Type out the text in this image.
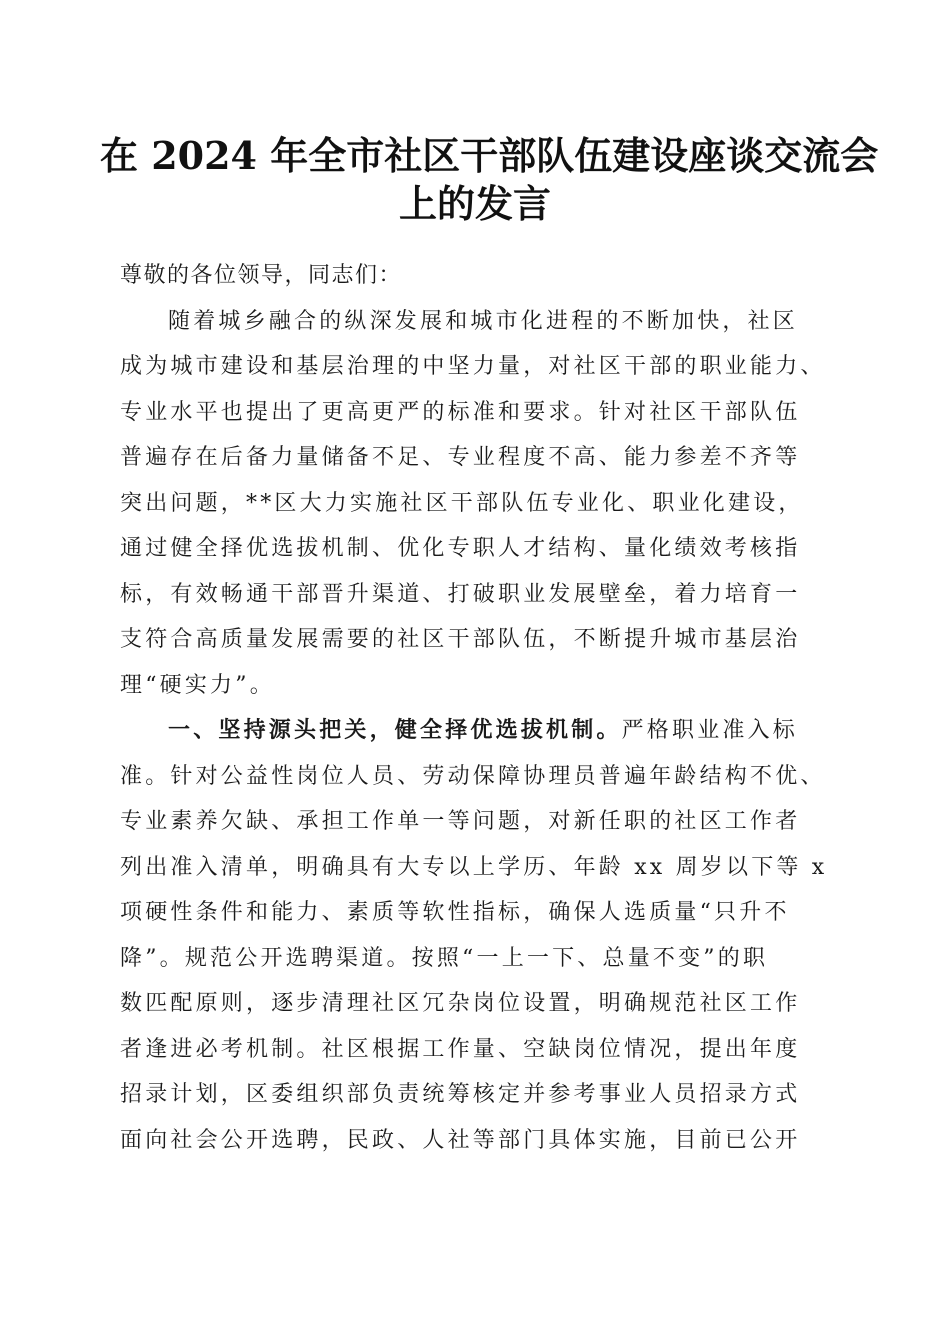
在 2024 年全市社区干部队伍建设座谈交流会
上的发言
尊敬的各位领导，同志们：
随着城乡融合的纵深发展和城市化进程的不断加快，社区
成为城市建设和基层治理的中坚力量，对社区干部的职业能力、
专业水平也提出了更高更严的标准和要求。针对社区干部队伍
普遍存在后备力量储备不足、专业程度不高、能力参差不齐等
突出问题，**区大力实施社区干部队伍专业化、职业化建设，
通过健全择优选拔机制、优化专职人才结构、量化绩效考核指
标，有效畅通干部晋升渠道、打破职业发展壁垒，着力培育一
支符合高质量发展需要的社区干部队伍，不断提升城市基层治
理“硬实力”。
一、坚持源头把关，健全择优选拔机制。严格职业准入标
准。针对公益性岗位人员、劳动保障协理员普遍年龄结构不优、
专业素养欠缺、承担工作单一等问题，对新任职的社区工作者
列出准入清单，明确具有大专以上学历、年龄 xx 周岁以下等 x
项硬性条件和能力、素质等软性指标，确保人选质量“只升不
降”。规范公开选聘渠道。按照“一上一下、总量不变”的职
数匹配原则，逐步清理社区冗杂岗位设置，明确规范社区工作
者逢进必考机制。社区根据工作量、空缺岗位情况，提出年度
招录计划，区委组织部负责统筹核定并参考事业人员招录方式
面向社会公开选聘，民政、人社等部门具体实施，目前已公开
